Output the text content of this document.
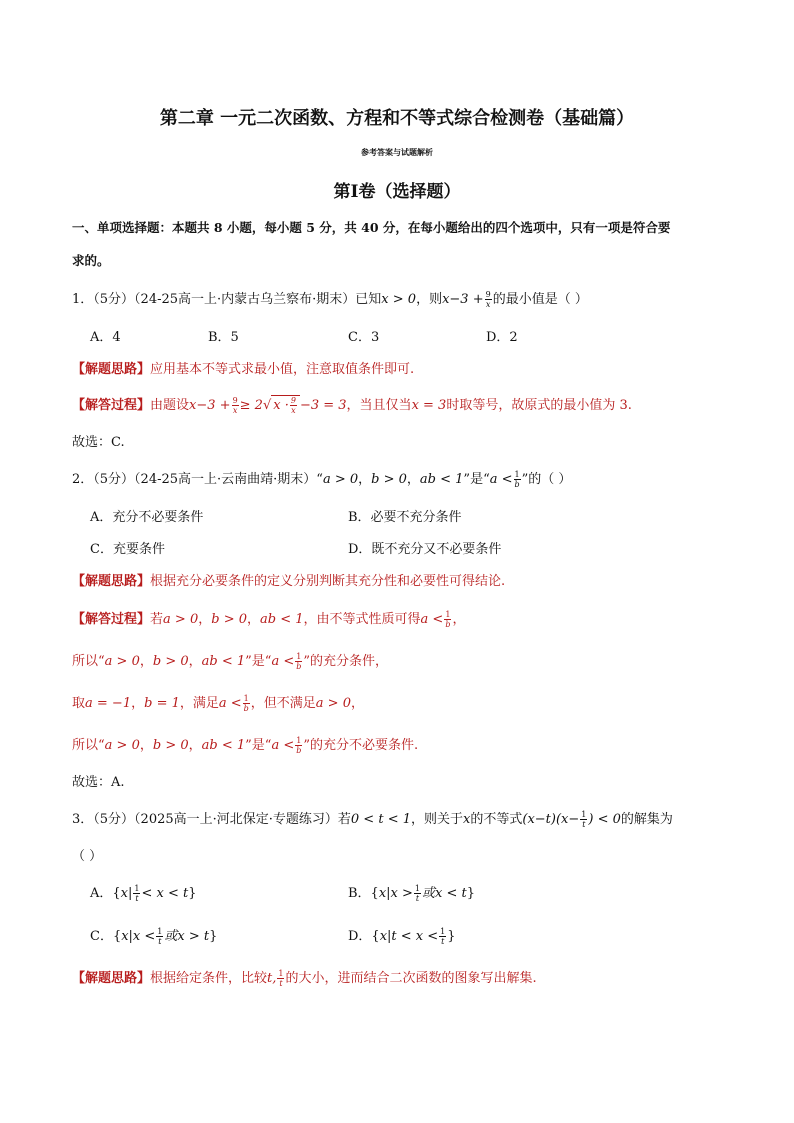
第二章 一元二次函数、方程和不等式综合检测卷（基础篇）
参考答案与试题解析
第I卷（选择题）
一、单项选择题：本题共 8 小题，每小题 5 分，共 40 分，在每小题给出的四个选项中，只有一项是符合要
求的。
1．（5分）（24-25高一上·内蒙古乌兰察布·期末）已知x > 0，则$x-3 + \frac{9}{x}$ 的最小值是（ ）
A．4	B．5	C．3	D．2
【解题思路】应用基本不等式求最小值，注意取值条件即可.
【解答过程】由题设$x-3 + \frac{9}{x} \ge 2√$ $x \cdot \frac{9}{x} -3 = 3$，当且仅当x = 3时取等号，故原式的最小值为 3.
故选：C.
2．（5分）（24-25高一上·云南曲靖·期末）“a > 0，b > 0，ab < 1”是“$a < \frac{1}{b}$ ”的（ ）
A．充分不必要条件	B．必要不充分条件
C．充要条件	D．既不充分又不必要条件
【解题思路】根据充分必要条件的定义分别判断其充分性和必要性可得结论.
【解答过程】若a > 0，b > 0，ab < 1，由不等式性质可得$a < \frac{1}{b}$ ，
所以“a > 0，b > 0，ab < 1”是“$a < \frac{1}{b}$ ”的充分条件，
取a = −1，b = 1，满足$a < \frac{1}{b}$ ，但不满足a > 0，
所以“a > 0，b > 0，ab < 1”是“$a < \frac{1}{b}$ ”的充分不必要条件.
故选：A.
3．（5分）（2025高一上·河北保定·专题练习）若0 < t < 1，则关于x的不等式$(x-t)(x- \frac{1}{t}$ ) < 0的解集为
（ ）
A．$\{x| \frac{1}{t} < x < t\}$	B．{$x|x > \frac{1}{t}$ 或x < t}
C．{$x|x < \frac{1}{t}$ 或x > t}	D．{$x|t < x < \frac{1}{t}$ }
【解题思路】根据给定条件，比较t, $\frac{1}{t}$ 的大小，进而结合二次函数的图象写出解集.
